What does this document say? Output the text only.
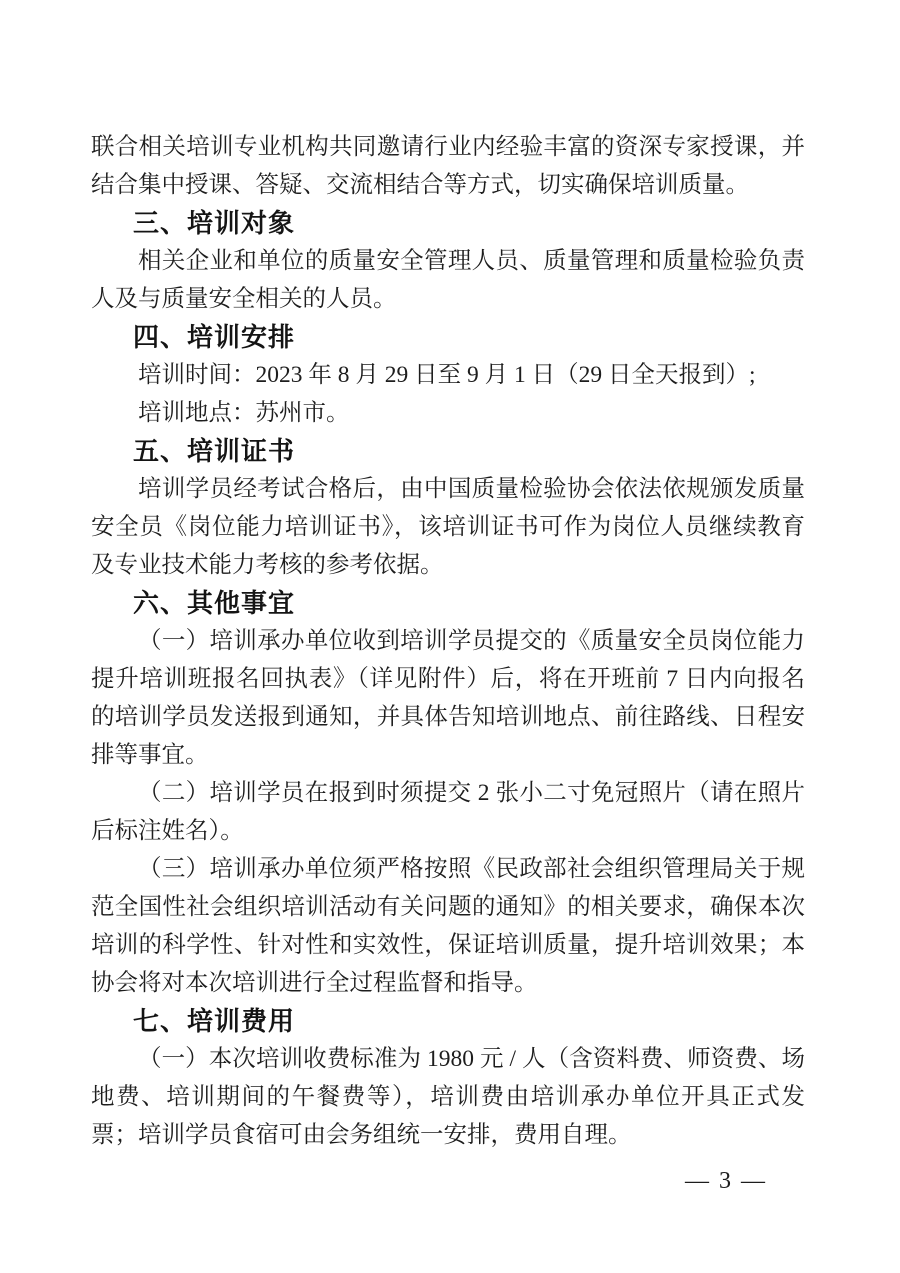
联合相关培训专业机构共同邀请行业内经验丰富的资深专家授课，并结合集中授课、答疑、交流相结合等方式，切实确保培训质量。

三、培训对象

相关企业和单位的质量安全管理人员、质量管理和质量检验负责人及与质量安全相关的人员。

四、培训安排

培训时间：2023 年 8 月 29 日至 9 月 1 日（29 日全天报到）;

培训地点：苏州市。

五、培训证书

培训学员经考试合格后，由中国质量检验协会依法依规颁发质量安全员《岗位能力培训证书》，该培训证书可作为岗位人员继续教育及专业技术能力考核的参考依据。

六、其他事宜

（一）培训承办单位收到培训学员提交的《质量安全员岗位能力提升培训班报名回执表》（详见附件）后，将在开班前 7 日内向报名的培训学员发送报到通知，并具体告知培训地点、前往路线、日程安排等事宜。

（二）培训学员在报到时须提交 2 张小二寸免冠照片（请在照片后标注姓名）。

（三）培训承办单位须严格按照《民政部社会组织管理局关于规范全国性社会组织培训活动有关问题的通知》的相关要求，确保本次培训的科学性、针对性和实效性，保证培训质量，提升培训效果；本协会将对本次培训进行全过程监督和指导。

七、培训费用

（一）本次培训收费标准为 1980 元 / 人（含资料费、师资费、场地费、培训期间的午餐费等），培训费由培训承办单位开具正式发票；培训学员食宿可由会务组统一安排，费用自理。

— 3 —
